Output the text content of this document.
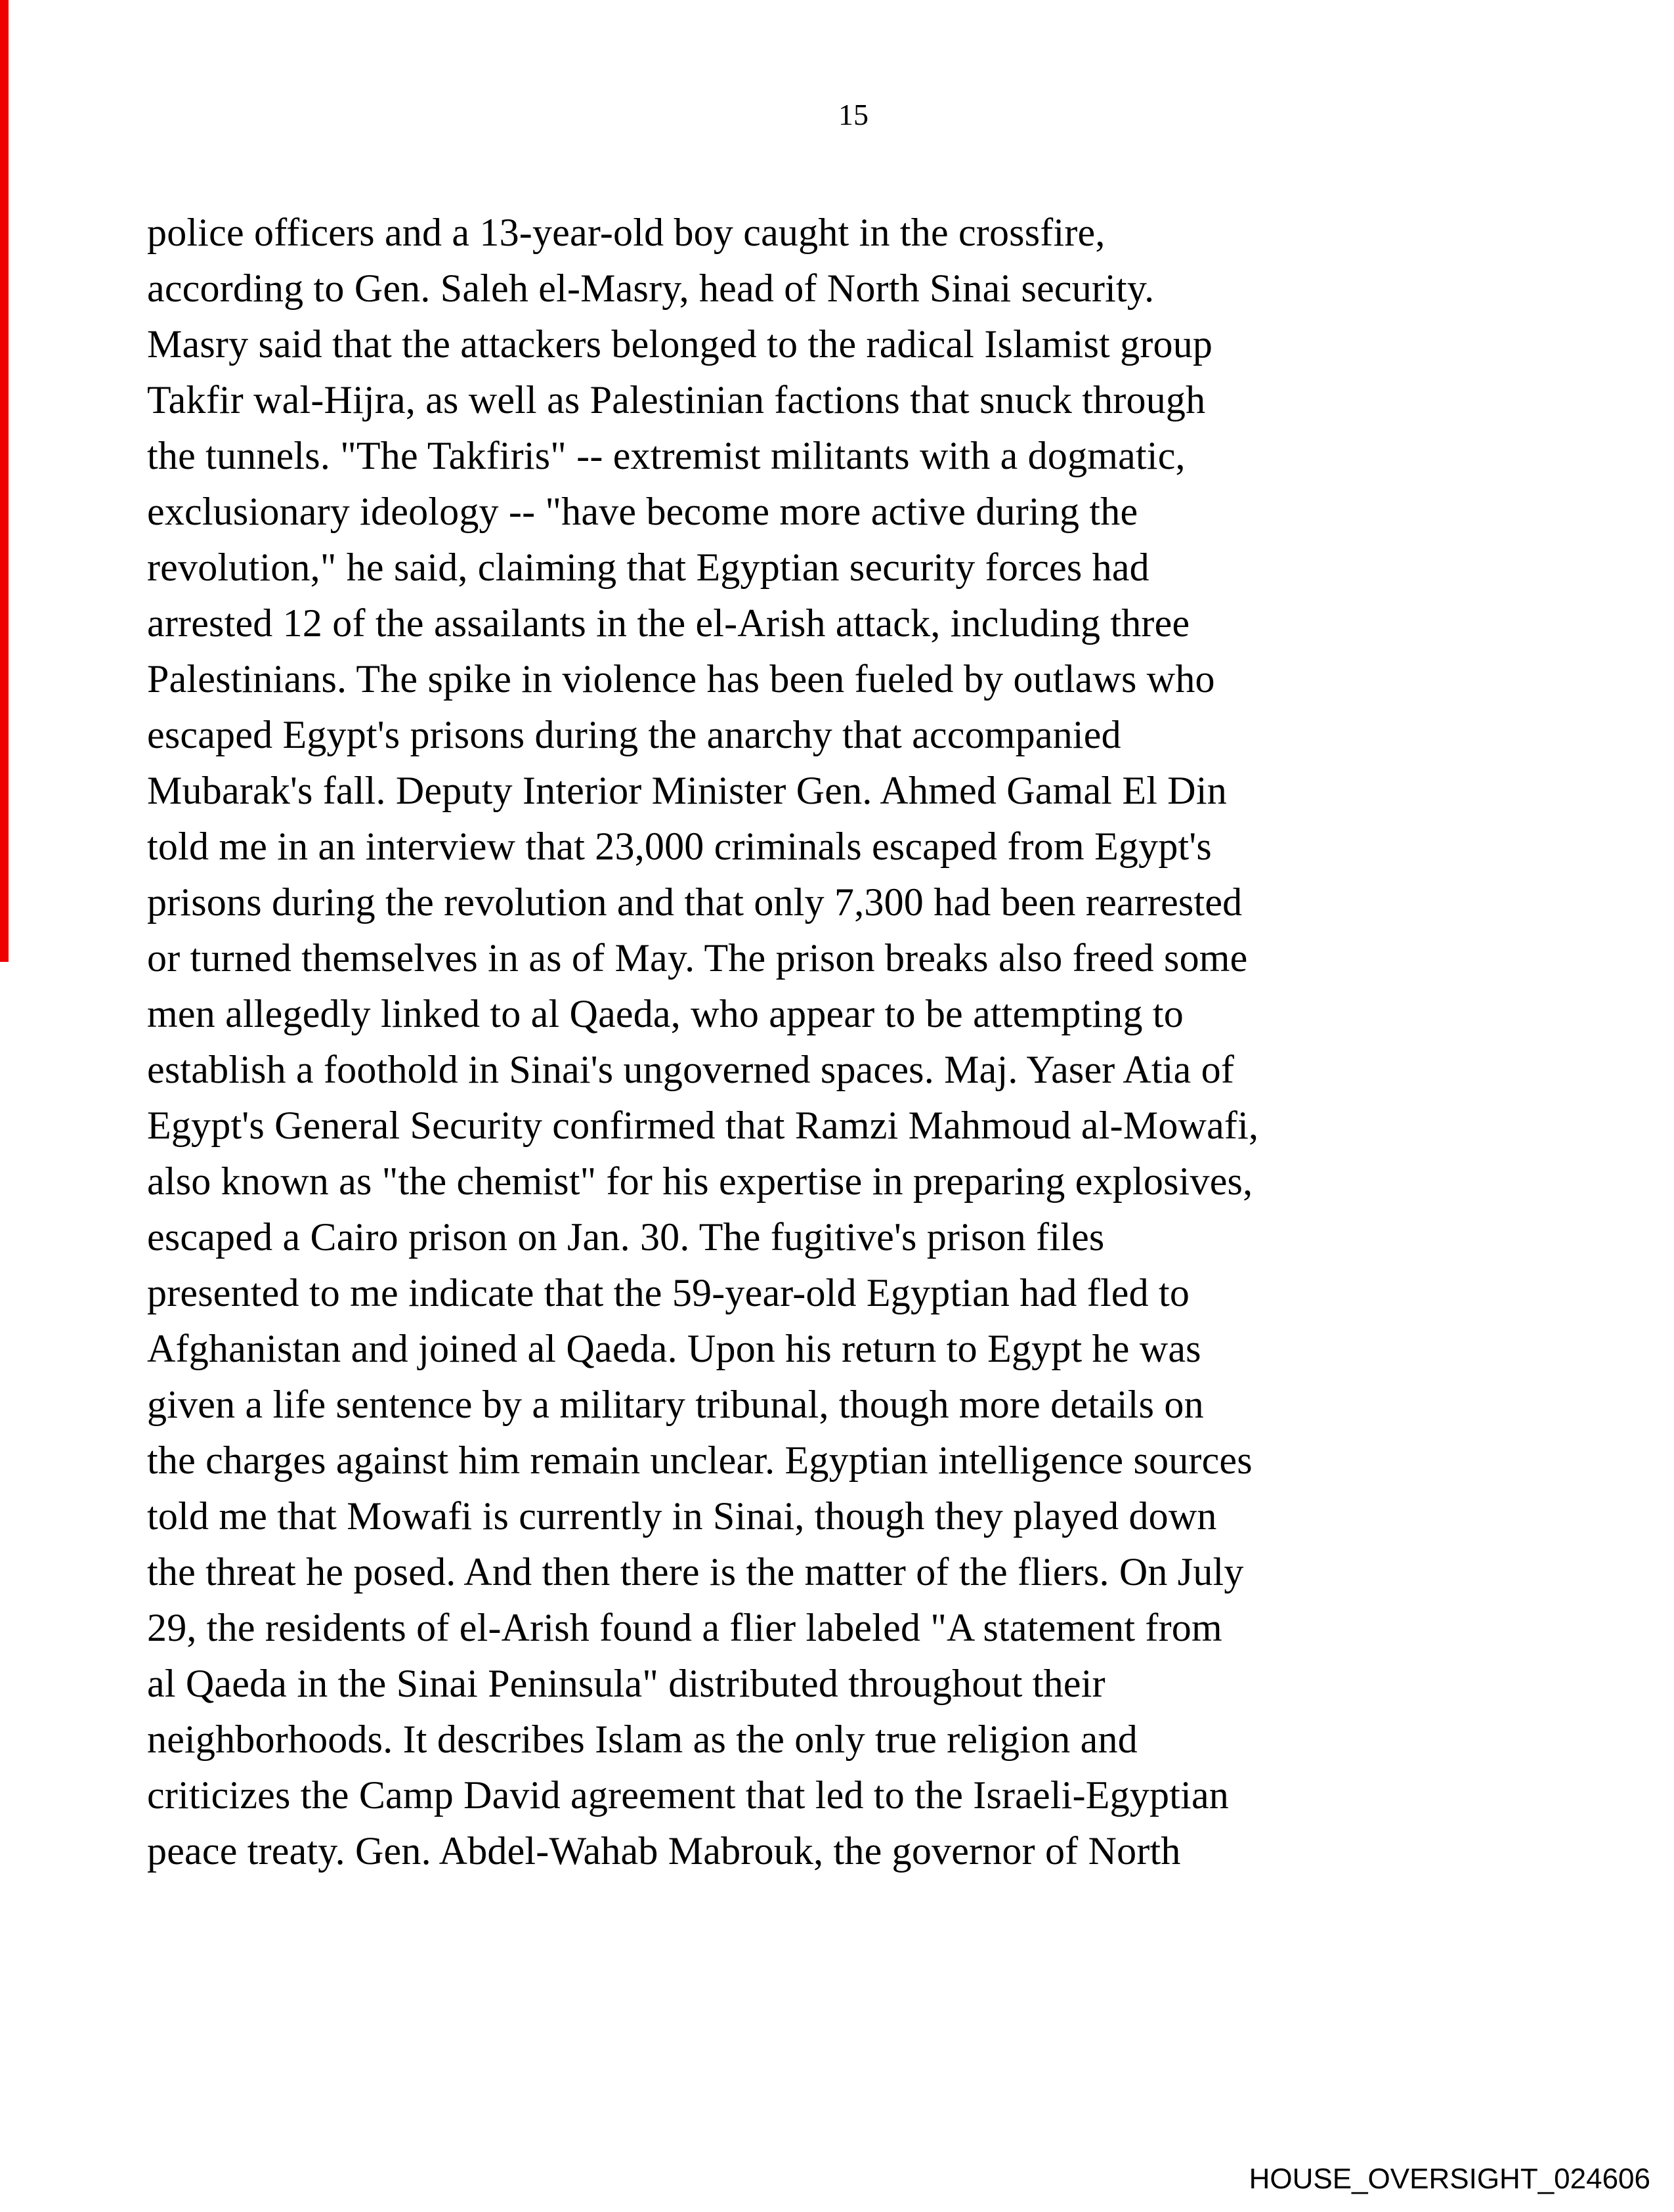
15
police officers and a 13-year-old boy caught in the crossfire,
according to Gen. Saleh el-Masry, head of North Sinai security.
Masry said that the attackers belonged to the radical Islamist group
Takfir wal-Hijra, as well as Palestinian factions that snuck through
the tunnels. "The Takfiris" -- extremist militants with a dogmatic,
exclusionary ideology -- "have become more active during the
revolution," he said, claiming that Egyptian security forces had
arrested 12 of the assailants in the el-Arish attack, including three
Palestinians. The spike in violence has been fueled by outlaws who
escaped Egypt's prisons during the anarchy that accompanied
Mubarak's fall. Deputy Interior Minister Gen. Ahmed Gamal El Din
told me in an interview that 23,000 criminals escaped from Egypt's
prisons during the revolution and that only 7,300 had been rearrested
or turned themselves in as of May. The prison breaks also freed some
men allegedly linked to al Qaeda, who appear to be attempting to
establish a foothold in Sinai's ungoverned spaces. Maj. Yaser Atia of
Egypt's General Security confirmed that Ramzi Mahmoud al-Mowafi,
also known as "the chemist" for his expertise in preparing explosives,
escaped a Cairo prison on Jan. 30. The fugitive's prison files
presented to me indicate that the 59-year-old Egyptian had fled to
Afghanistan and joined al Qaeda. Upon his return to Egypt he was
given a life sentence by a military tribunal, though more details on
the charges against him remain unclear. Egyptian intelligence sources
told me that Mowafi is currently in Sinai, though they played down
the threat he posed. And then there is the matter of the fliers. On July
29, the residents of el-Arish found a flier labeled "A statement from
al Qaeda in the Sinai Peninsula" distributed throughout their
neighborhoods. It describes Islam as the only true religion and
criticizes the Camp David agreement that led to the Israeli-Egyptian
peace treaty. Gen. Abdel-Wahab Mabrouk, the governor of North
HOUSE_OVERSIGHT_024606
